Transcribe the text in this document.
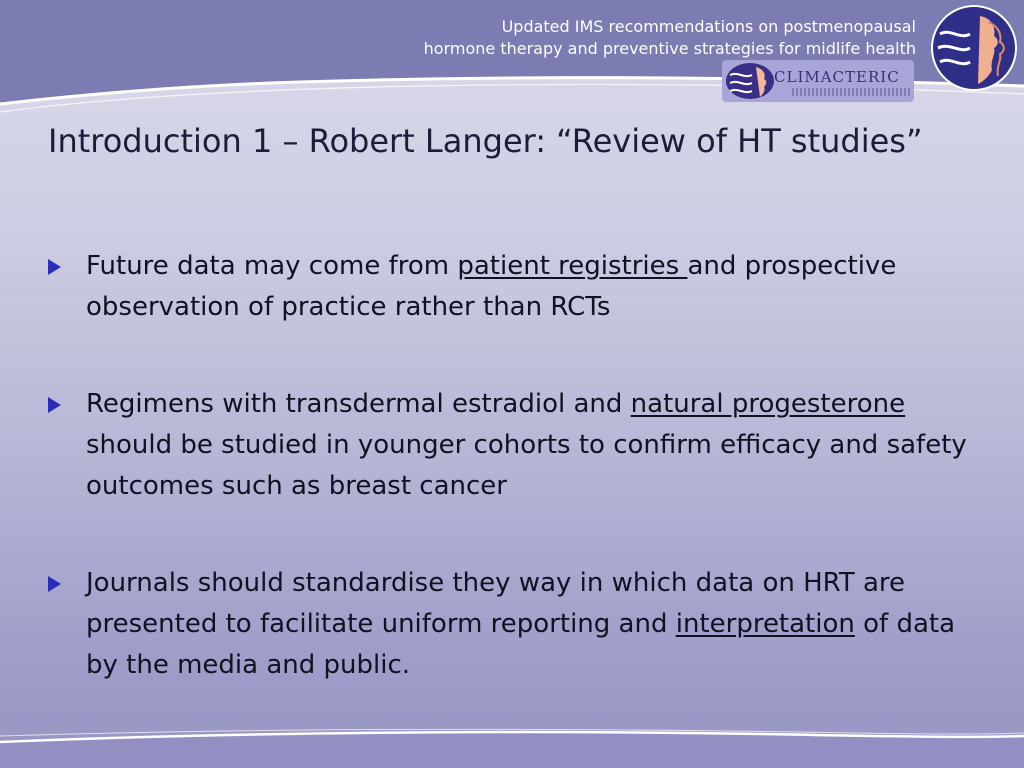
Updated IMS recommendations on postmenopausal
hormone therapy and preventive strategies for midlife health
CLIMACTERIC
Introduction 1 – Robert Langer: “Review of HT studies”
Future data may come from patient registries and prospective observation of practice rather than RCTs
Regimens with transdermal estradiol and natural progesterone should be studied in younger cohorts to confirm efficacy and safety outcomes such as breast cancer
Journals should standardise they way in which data on HRT are presented to facilitate uniform reporting and interpretation of data by the media and public.
